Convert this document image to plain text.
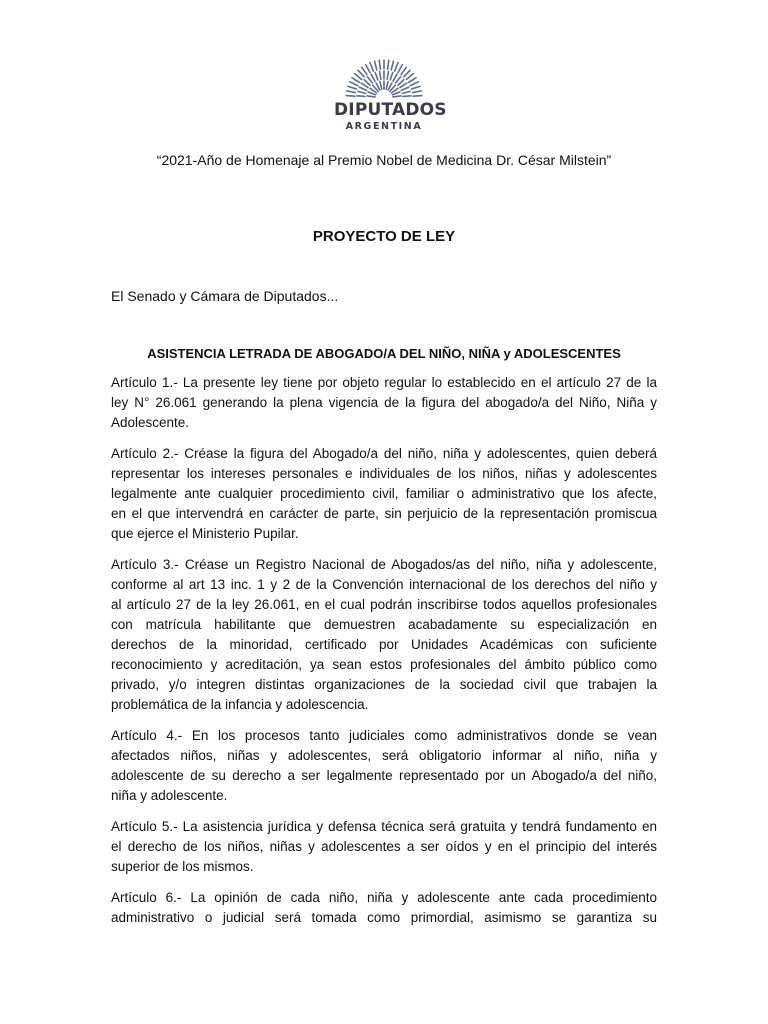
DIPUTADOS
ARGENTINA
“2021-Año de Homenaje al Premio Nobel de Medicina Dr. César Milstein”
PROYECTO DE LEY
El Senado y Cámara de Diputados...
ASISTENCIA LETRADA DE ABOGADO/A DEL NIÑO, NIÑA y ADOLESCENTES
Artículo 1.- La presente ley tiene por objeto regular lo establecido en el artículo 27 de la
ley N° 26.061 generando la plena vigencia de la figura del abogado/a del Niño, Niña y
Adolescente.
Artículo 2.- Créase la figura del Abogado/a del niño, niña y adolescentes, quien deberá
representar los intereses personales e individuales de los niños, niñas y adolescentes
legalmente ante cualquier procedimiento civil, familiar o administrativo que los afecte,
en el que intervendrá en carácter de parte, sin perjuicio de la representación promiscua
que ejerce el Ministerio Pupilar.
Artículo 3.- Créase un Registro Nacional de Abogados/as del niño, niña y adolescente,
conforme al art 13 inc. 1 y 2 de la Convención internacional de los derechos del niño y
al artículo 27 de la ley 26.061, en el cual podrán inscribirse todos aquellos profesionales
con matrícula habilitante que demuestren acabadamente su especialización en
derechos de la minoridad, certificado por Unidades Académicas con suficiente
reconocimiento y acreditación, ya sean estos profesionales del ámbito público como
privado, y/o integren distintas organizaciones de la sociedad civil que trabajen la
problemática de la infancia y adolescencia.
Artículo 4.- En los procesos tanto judiciales como administrativos donde se vean
afectados niños, niñas y adolescentes, será obligatorio informar al niño, niña y
adolescente de su derecho a ser legalmente representado por un Abogado/a del niño,
niña y adolescente.
Artículo 5.- La asistencia jurídica y defensa técnica será gratuita y tendrá fundamento en
el derecho de los niños, niñas y adolescentes a ser oídos y en el principio del interés
superior de los mismos.
Artículo 6.- La opinión de cada niño, niña y adolescente ante cada procedimiento
administrativo o judicial será tomada como primordial, asimismo se garantiza su
